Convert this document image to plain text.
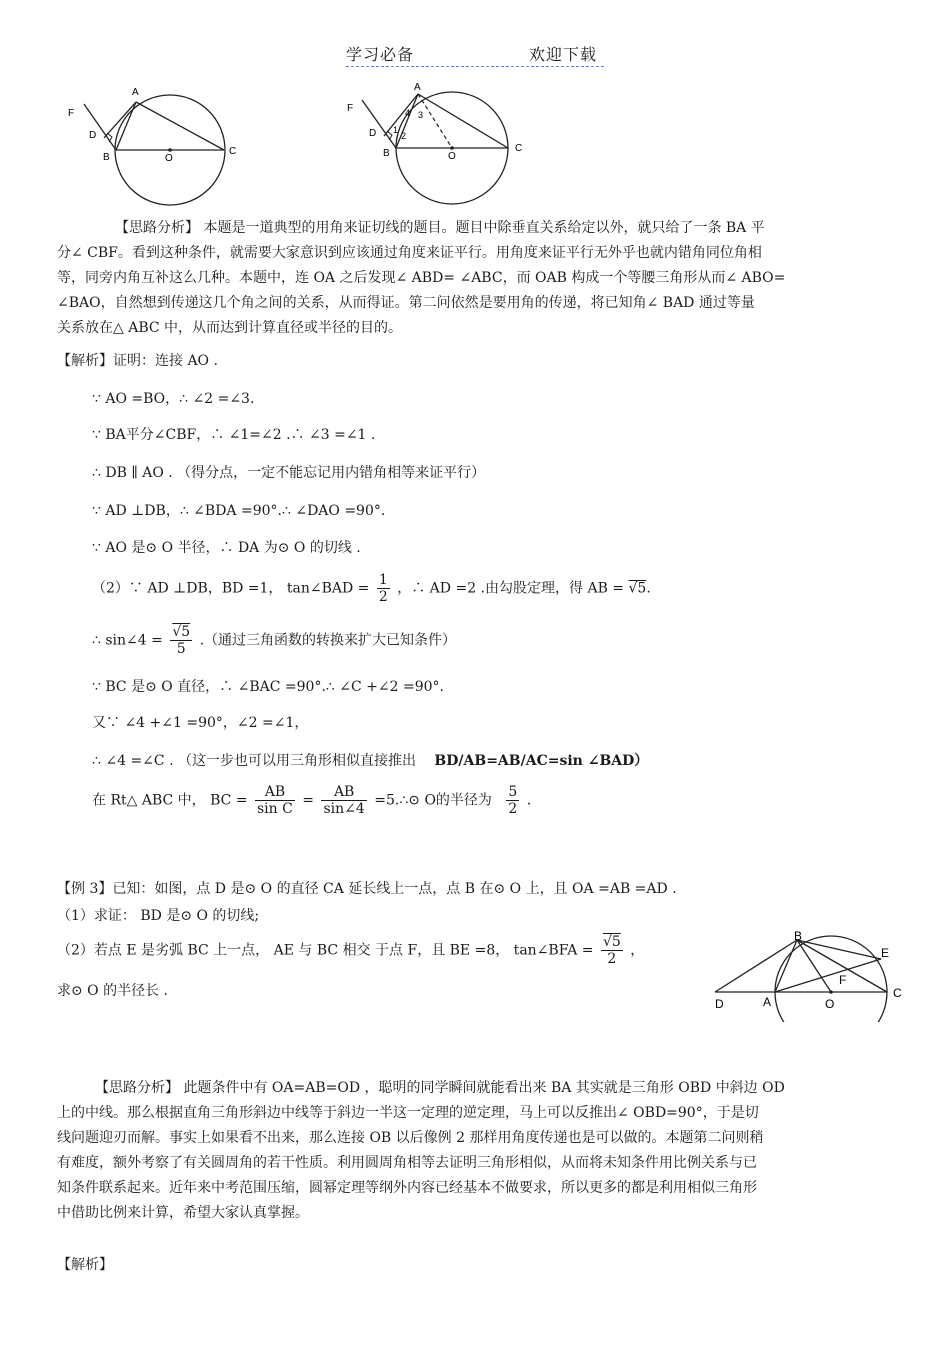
学习必备	欢迎下载
F
A
D
B	O
C
F
A
4 3
D 1
2
B	O
C

【思路分析】 本题是一道典型的用角来证切线的题目。题目中除垂直关系给定以外，就只给了一条 BA 平

分∠ CBF。看到这种条件，就需要大家意识到应该通过角度来证平行。用角度来证平行无外乎也就内错角同位角相

等，同旁内角互补这么几种。本题中，连 OA 之后发现∠ ABD= ∠ABC，而 OAB 构成一个等腰三角形从而∠ ABO=

∠BAO，自然想到传递这几个角之间的关系，从而得证。第二问依然是要用角的传递，将已知角∠ BAD 通过等量

关系放在△ ABC 中，从而达到计算直径或半径的目的。

【解析】证明：连接 AO .
∵ AO =BO，∴ ∠2 =∠3.
∵ BA平分∠CBF，∴ ∠1=∠2 .∴ ∠3 =∠1 .
∴ DB ∥ AO . （得分点，一定不能忘记用内错角相等来证平行）
∵ AD ⊥DB，∴ ∠BDA =90°.∴ ∠DAO =90°.
∵ AO 是⊙ O 半径，∴ DA 为⊙ O 的切线 .
（2）∵ AD ⊥DB，BD =1， tan∠BAD = $\frac{1}{2}$ ，∴ AD =2 .由勾股定理，得 AB = √5.
∴ sin∠4 = $\frac{√5}{5}$ .（通过三角函数的转换来扩大已知条件）
∵ BC 是⊙ O 直径，∴ ∠BAC =90°.∴ ∠C +∠2 =90°.
又∵ ∠4 +∠1 =90°，∠2 =∠1，
∴ ∠4 =∠C . （这一步也可以用三角形相似直接推出 BD/AB=AB/AC=sin ∠BAD）
在 Rt△ ABC 中， BC = $\frac{AB}{\text{sin C}} = \frac{AB}{\sin\angle 4}$ =5.∴⊙ O的半径为 $\frac{5}{2}$ .
【例 3】已知：如图，点 D 是⊙ O 的直径 CA 延长线上一点，点 B 在⊙ O 上，且 OA =AB =AD .
（1）求证： BD 是⊙ O 的切线;
（2）若点 E 是劣弧 BC 上一点， AE 与 BC 相交 于点 F，且 BE =8， tan∠BFA = $\frac{√5}{2}$ ，
求⊙ O 的半径长 .
B
E
F
D	A	O
C

【思路分析】 此题条件中有 OA=AB=OD ，聪明的同学瞬间就能看出来 BA 其实就是三角形 OBD 中斜边 OD

上的中线。那么根据直角三角形斜边中线等于斜边一半这一定理的逆定理，马上可以反推出∠ OBD=90°，于是切

线问题迎刃而解。事实上如果看不出来，那么连接 OB 以后像例 2 那样用角度传递也是可以做的。本题第二问则稍

有难度，额外考察了有关圆周角的若干性质。利用圆周角相等去证明三角形相似，从而将未知条件用比例关系与已

知条件联系起来。近年来中考范围压缩，圆幂定理等纲外内容已经基本不做要求，所以更多的都是利用相似三角形

中借助比例来计算，希望大家认真掌握。

【解析】
